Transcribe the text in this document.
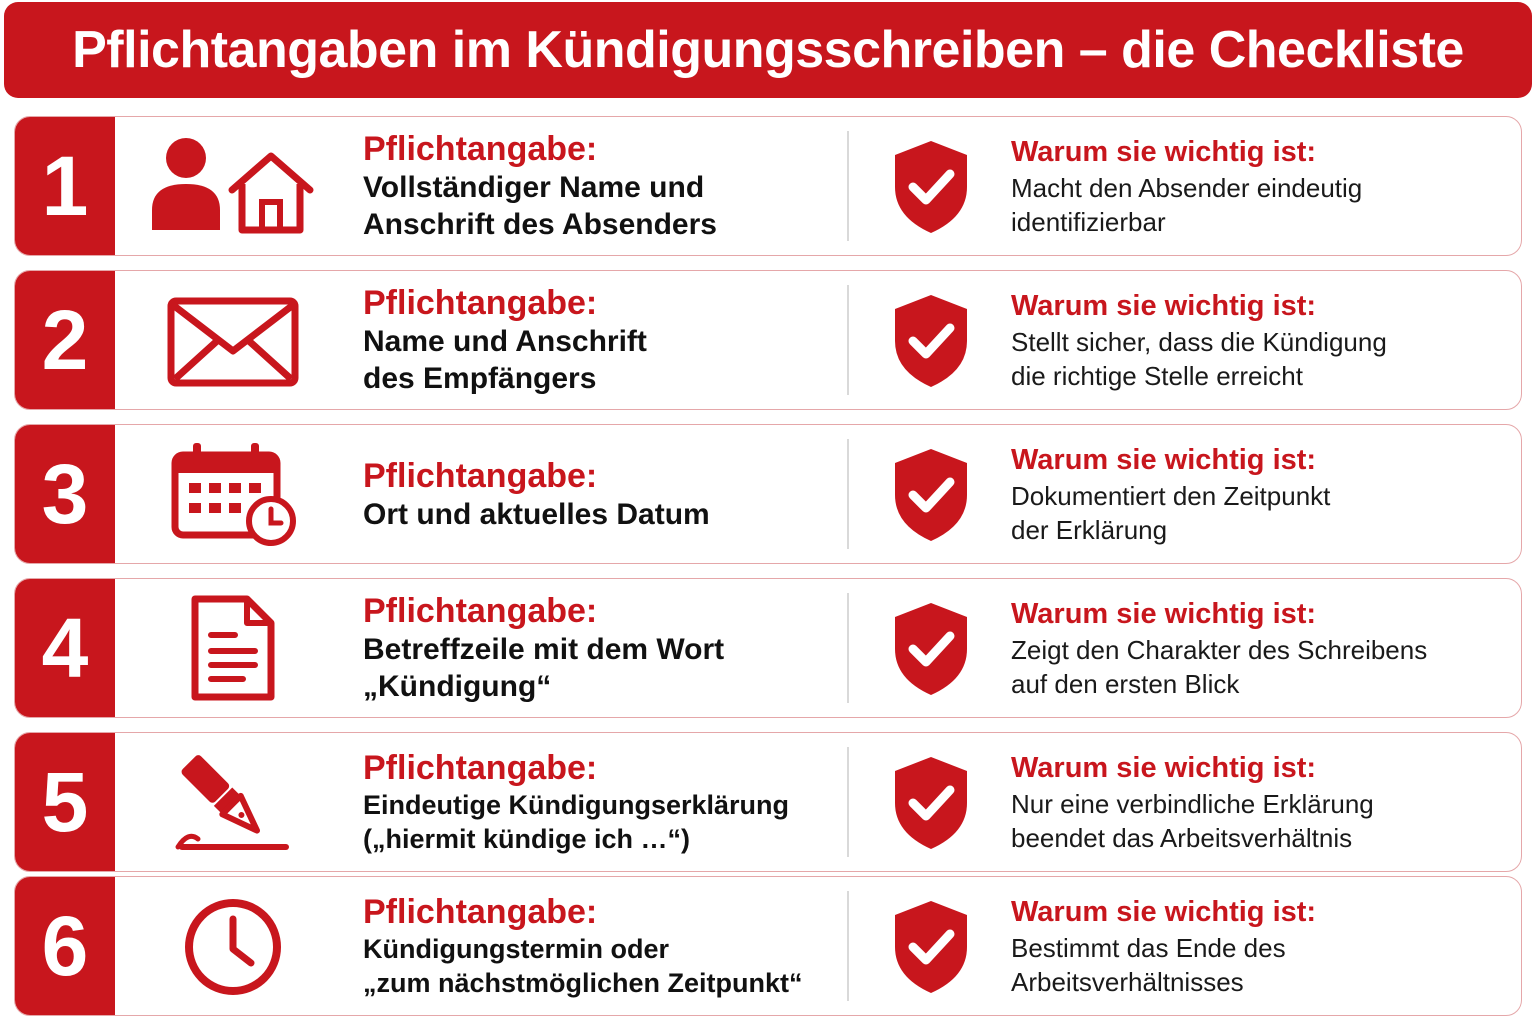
Pflichtangaben im Kündigungsschreiben – die Checkliste
1	Pflichtangabe:
Vollständiger Name und
Anschrift des Absenders
Warum sie wichtig ist:
Macht den Absender eindeutig
identifizierbar
2	Pflichtangabe:
Name und Anschrift
des Empfängers
Warum sie wichtig ist:
Stellt sicher, dass die Kündigung
die richtige Stelle erreicht
3	Pflichtangabe:
Ort und aktuelles Datum
Warum sie wichtig ist:
Dokumentiert den Zeitpunkt
der Erklärung
4	Pflichtangabe:
Betreffzeile mit dem Wort
„Kündigung“
Warum sie wichtig ist:
Zeigt den Charakter des Schreibens
auf den ersten Blick
5	Pflichtangabe:
Eindeutige Kündigungserklärung
(„hiermit kündige ich …“)
Warum sie wichtig ist:
Nur eine verbindliche Erklärung
beendet das Arbeitsverhältnis
6	Pflichtangabe:
Kündigungstermin oder
„zum nächstmöglichen Zeitpunkt“
Warum sie wichtig ist:
Bestimmt das Ende des
Arbeitsverhältnisses
